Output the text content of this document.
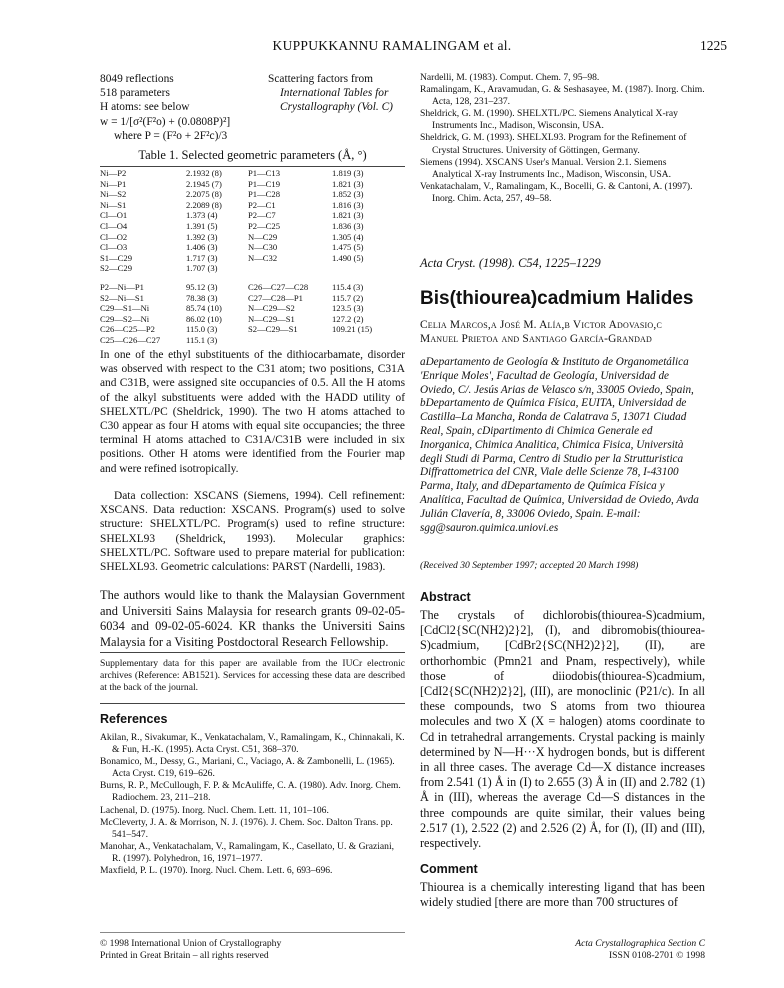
KUPPUKKANNU RAMALINGAM et al.	1225
8049 reflections
518 parameters
H atoms: see below
w = 1/[σ²(F²o) + (0.0808P)²]
where P = (F²o + 2F²c)/3
Scattering factors from
International Tables for
Crystallography (Vol. C)
Table 1. Selected geometric parameters (Å, °)
Ni—P2	2.1932 (8)	P1—C13	1.819 (3)
Ni—P1	2.1945 (7)	P1—C19	1.821 (3)
Ni—S2	2.2075 (8)	P1—C28	1.852 (3)
Ni—S1	2.2089 (8)	P2—C1	1.816 (3)
Cl—O1	1.373 (4)	P2—C7	1.821 (3)
Cl—O4	1.391 (5)	P2—C25	1.836 (3)
Cl—O2	1.392 (3)	N—C29	1.305 (4)
Cl—O3	1.406 (3)	N—C30	1.475 (5)
S1—C29	1.717 (3)	N—C32	1.490 (5)
S2—C29	1.707 (3)		
P2—Ni—P1	95.12 (3)	C26—C27—C28	115.4 (3)
S2—Ni—S1	78.38 (3)	C27—C28—P1	115.7 (2)
C29—S1—Ni	85.74 (10)	N—C29—S2	123.5 (3)
C29—S2—Ni	86.02 (10)	N—C29—S1	127.2 (2)
C26—C25—P2	115.0 (3)	S2—C29—S1	109.21 (15)
C25—C26—C27	115.1 (3)		
In one of the ethyl substituents of the dithiocarbamate, disorder was observed with respect to the C31 atom; two positions, C31A and C31B, were assigned site occupancies of 0.5. All the H atoms of the alkyl substituents were added with the HADD utility of SHELXTL/PC (Sheldrick, 1990). The two H atoms attached to C30 appear as four H atoms with equal site occupancies; the three terminal H atoms attached to C31A/C31B were included in six positions. Other H atoms were identified from the Fourier map and were refined isotropically.
Data collection: XSCANS (Siemens, 1994). Cell refinement: XSCANS. Data reduction: XSCANS. Program(s) used to solve structure: SHELXTL/PC. Program(s) used to refine structure: SHELXL93 (Sheldrick, 1993). Molecular graphics: SHELXTL/PC. Software used to prepare material for publication: SHELXL93. Geometric calculations: PARST (Nardelli, 1983).
The authors would like to thank the Malaysian Government and Universiti Sains Malaysia for research grants 09-02-05-6034 and 09-02-05-6024. KR thanks the Universiti Sains Malaysia for a Visiting Postdoctoral Research Fellowship.
Supplementary data for this paper are available from the IUCr electronic archives (Reference: AB1521). Services for accessing these data are described at the back of the journal.
References

Akilan, R., Sivakumar, K., Venkatachalam, V., Ramalingam, K., Chinnakali, K. & Fun, H.-K. (1995). Acta Cryst. C51, 368–370.

Bonamico, M., Dessy, G., Mariani, C., Vaciago, A. & Zambonelli, L. (1965). Acta Cryst. C19, 619–626.

Burns, R. P., McCullough, F. P. & McAuliffe, C. A. (1980). Adv. Inorg. Chem. Radiochem. 23, 211–218.

Lachenal, D. (1975). Inorg. Nucl. Chem. Lett. 11, 101–106.

McCleverty, J. A. & Morrison, N. J. (1976). J. Chem. Soc. Dalton Trans. pp. 541–547.

Manohar, A., Venkatachalam, V., Ramalingam, K., Casellato, U. & Graziani, R. (1997). Polyhedron, 16, 1971–1977.

Maxfield, P. L. (1970). Inorg. Nucl. Chem. Lett. 6, 693–696.

© 1998 International Union of Crystallography
Printed in Great Britain – all rights reserved

Nardelli, M. (1983). Comput. Chem. 7, 95–98.

Ramalingam, K., Aravamudan, G. & Seshasayee, M. (1987). Inorg. Chim. Acta, 128, 231–237.

Sheldrick, G. M. (1990). SHELXTL/PC. Siemens Analytical X-ray Instruments Inc., Madison, Wisconsin, USA.

Sheldrick, G. M. (1993). SHELXL93. Program for the Refinement of Crystal Structures. University of Göttingen, Germany.

Siemens (1994). XSCANS User's Manual. Version 2.1. Siemens Analytical X-ray Instruments Inc., Madison, Wisconsin, USA.

Venkatachalam, V., Ramalingam, K., Bocelli, G. & Cantoni, A. (1997). Inorg. Chim. Acta, 257, 49–58.

Acta Cryst. (1998). C54, 1225–1229
Bis(thiourea)cadmium Halides
Celia Marcos,a José M. Alía,b Victor Adovasio,c
Manuel Prietoa and Santiago García-Grandad
aDepartamento de Geología & Instituto de Organometálica 'Enrique Moles', Facultad de Geología, Universidad de Oviedo, C/. Jesús Arias de Velasco s/n, 33005 Oviedo, Spain, bDepartamento de Química Física, EUITA, Universidad de Castilla–La Mancha, Ronda de Calatrava 5, 13071 Ciudad Real, Spain, cDipartimento di Chimica Generale ed Inorganica, Chimica Analitica, Chimica Fisica, Università degli Studi di Parma, Centro di Studio per la Strutturistica Diffrattometrica del CNR, Viale delle Scienze 78, I-43100 Parma, Italy, and dDepartamento de Química Física y Analítica, Facultad de Química, Universidad de Oviedo, Avda Julián Clavería, 8, 33006 Oviedo, Spain. E-mail: sgg@sauron.quimica.uniovi.es
(Received 30 September 1997; accepted 20 March 1998)
Abstract
The crystals of dichlorobis(thiourea-S)cadmium, [CdCl2{SC(NH2)2}2], (I), and dibromobis(thiourea-S)cadmium, [CdBr2{SC(NH2)2}2], (II), are orthorhombic (Pmn21 and Pnam, respectively), while those of diiodobis(thiourea-S)cadmium, [CdI2{SC(NH2)2}2], (III), are monoclinic (P21/c). In all these compounds, two S atoms from two thiourea molecules and two X (X = halogen) atoms coordinate to Cd in tetrahedral arrangements. Crystal packing is mainly determined by N—H···X hydrogen bonds, but is different in all three cases. The average Cd—X distance increases from 2.541 (1) Å in (I) to 2.655 (3) Å in (II) and 2.782 (1) Å in (III), whereas the average Cd—S distances in the three compounds are quite similar, their values being 2.517 (1), 2.522 (2) and 2.526 (2) Å, for (I), (II) and (III), respectively.
Comment
Thiourea is a chemically interesting ligand that has been widely studied [there are more than 700 structures of
Acta Crystallographica Section C
ISSN 0108-2701 © 1998
